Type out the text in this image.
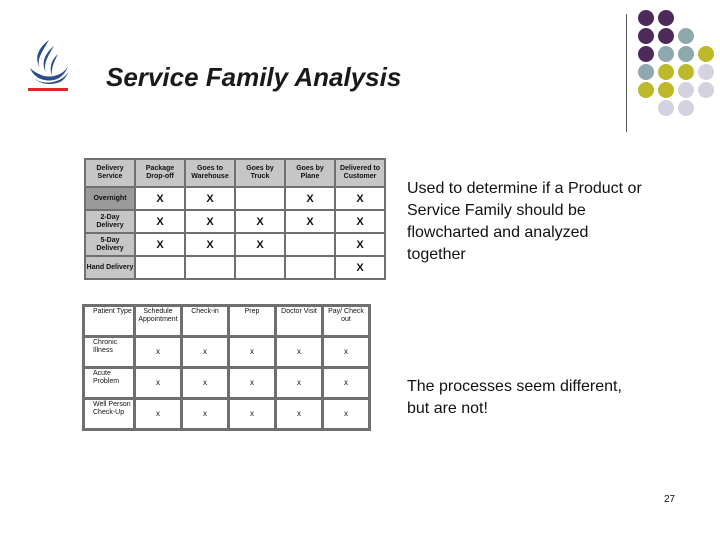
Service Family Analysis
Delivery Service	Package Drop-off	Goes to Warehouse	Goes by Truck	Goes by Plane	Delivered to Customer
Overnight	X	X		X	X
2-Day Delivery	X	X	X	X	X
5-Day Delivery	X	X	X		X
Hand Delivery					X
Patient Type	Schedule Appointment	Check-in	Prep	Doctor Visit	Pay/ Check out
Chronic Illness	x	x	x	x	x
Acute Problem	x	x	x	x	x
Well Person Check-Up	x	x	x	x	x
Used to determine if a Product or Service Family should be flowcharted and analyzed together
The processes seem different, but are not!
27
